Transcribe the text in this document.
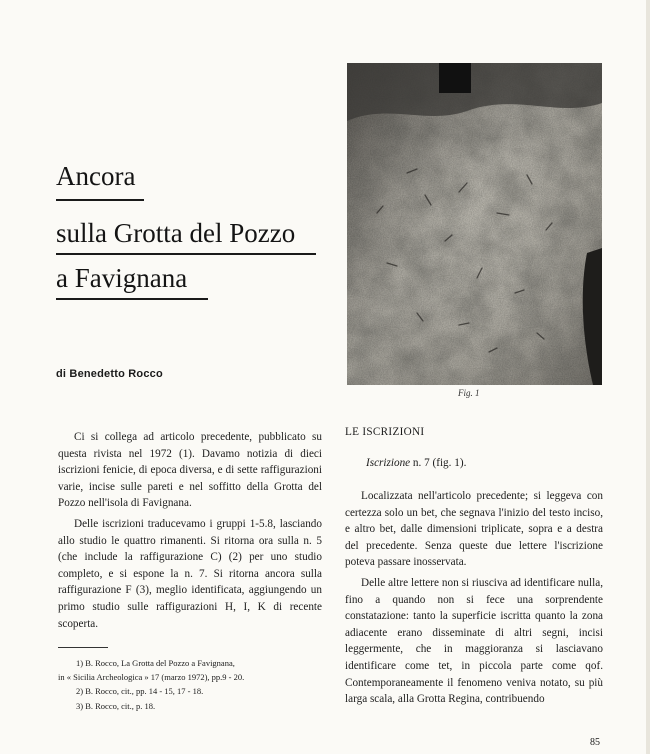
Ancora
sulla Grotta del Pozzo
a Favignana
di Benedetto Rocco
Fig. 1

Ci si collega ad articolo precedente, pubblicato su questa rivista nel 1972 (1). Davamo notizia di dieci iscrizioni fenicie, di epoca diversa, e di sette raffigurazioni varie, incise sulle pareti e nel soffitto della Grotta del Pozzo nell'isola di Favignana.

Delle iscrizioni traducevamo i gruppi 1-5.8, lasciando allo studio le quattro rimanenti. Si ritorna ora sulla n. 5 (che include la raffigurazione C) (2) per uno studio completo, e si espone la n. 7. Si ritorna ancora sulla raffigurazione F (3), meglio identificata, aggiungendo un primo studio sulle raffigurazioni H, I, K di recente scoperta.

1) B. Rocco, La Grotta del Pozzo a Favignana,
in « Sicilia Archeologica » 17 (marzo 1972), pp.9 - 20.
2) B. Rocco, cit., pp. 14 - 15, 17 - 18.
3) B. Rocco, cit., p. 18.
LE ISCRIZIONI
Iscrizione n. 7 (fig. 1).

Localizzata nell'articolo precedente; si leggeva con certezza solo un bet, che segnava l'inizio del testo inciso, e altro bet, dalle dimensioni triplicate, sopra e a destra del precedente. Senza queste due lettere l'iscrizione poteva passare inosservata.

Delle altre lettere non si riusciva ad identificare nulla, fino a quando non si fece una sorprendente constatazione: tanto la superficie iscritta quanto la zona adiacente erano disseminate di altri segni, incisi leggermente, che in maggioranza si lasciavano identificare come tet, in piccola parte come qof. Contemporaneamente il fenomeno veniva notato, su più larga scala, alla Grotta Regina, contribuendo

85
